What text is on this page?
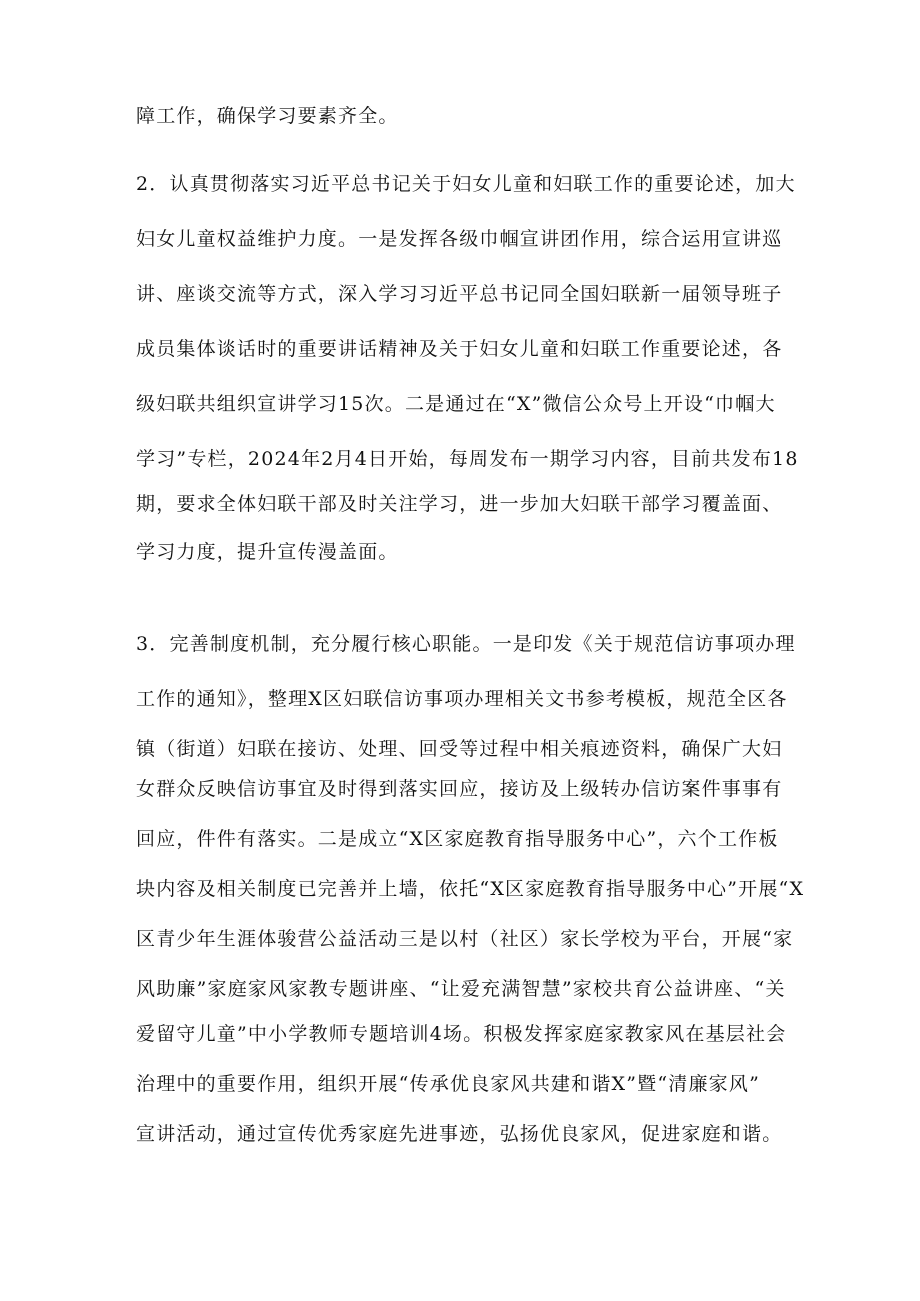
障工作，确保学习要素齐全。

2．认真贯彻落实习近平总书记关于妇女儿童和妇联工作的重要论述，加大

妇女儿童权益维护力度。一是发挥各级巾帼宣讲团作用，综合运用宣讲巡

讲、座谈交流等方式，深入学习习近平总书记同全国妇联新一届领导班子

成员集体谈话时的重要讲话精神及关于妇女儿童和妇联工作重要论述，各

级妇联共组织宣讲学习15次。二是通过在“X”微信公众号上开设“巾帼大

学习”专栏，2024年2月4日开始，每周发布一期学习内容，目前共发布18

期，要求全体妇联干部及时关注学习，进一步加大妇联干部学习覆盖面、

学习力度，提升宣传漫盖面。

3．完善制度机制，充分履行核心职能。一是印发《关于规范信访事项办理

工作的通知》，整理X区妇联信访事项办理相关文书参考模板，规范全区各

镇（街道）妇联在接访、处理、回受等过程中相关痕迹资料，确保广大妇

女群众反映信访事宜及时得到落实回应，接访及上级转办信访案件事事有

回应，件件有落实。二是成立“X区家庭教育指导服务中心”，六个工作板

块内容及相关制度已完善并上墙，依托“X区家庭教育指导服务中心”开展“X

区青少年生涯体骏营公益活动三是以村（社区）家长学校为平台，开展“家

风助廉”家庭家风家教专题讲座、“让爱充满智慧”家校共育公益讲座、“关

爱留守儿童”中小学教师专题培训4场。积极发挥家庭家教家风在基层社会

治理中的重要作用，组织开展“传承优良家风共建和谐X”暨“清廉家风”

宣讲活动，通过宣传优秀家庭先进事迹，弘扬优良家风，促进家庭和谐。
